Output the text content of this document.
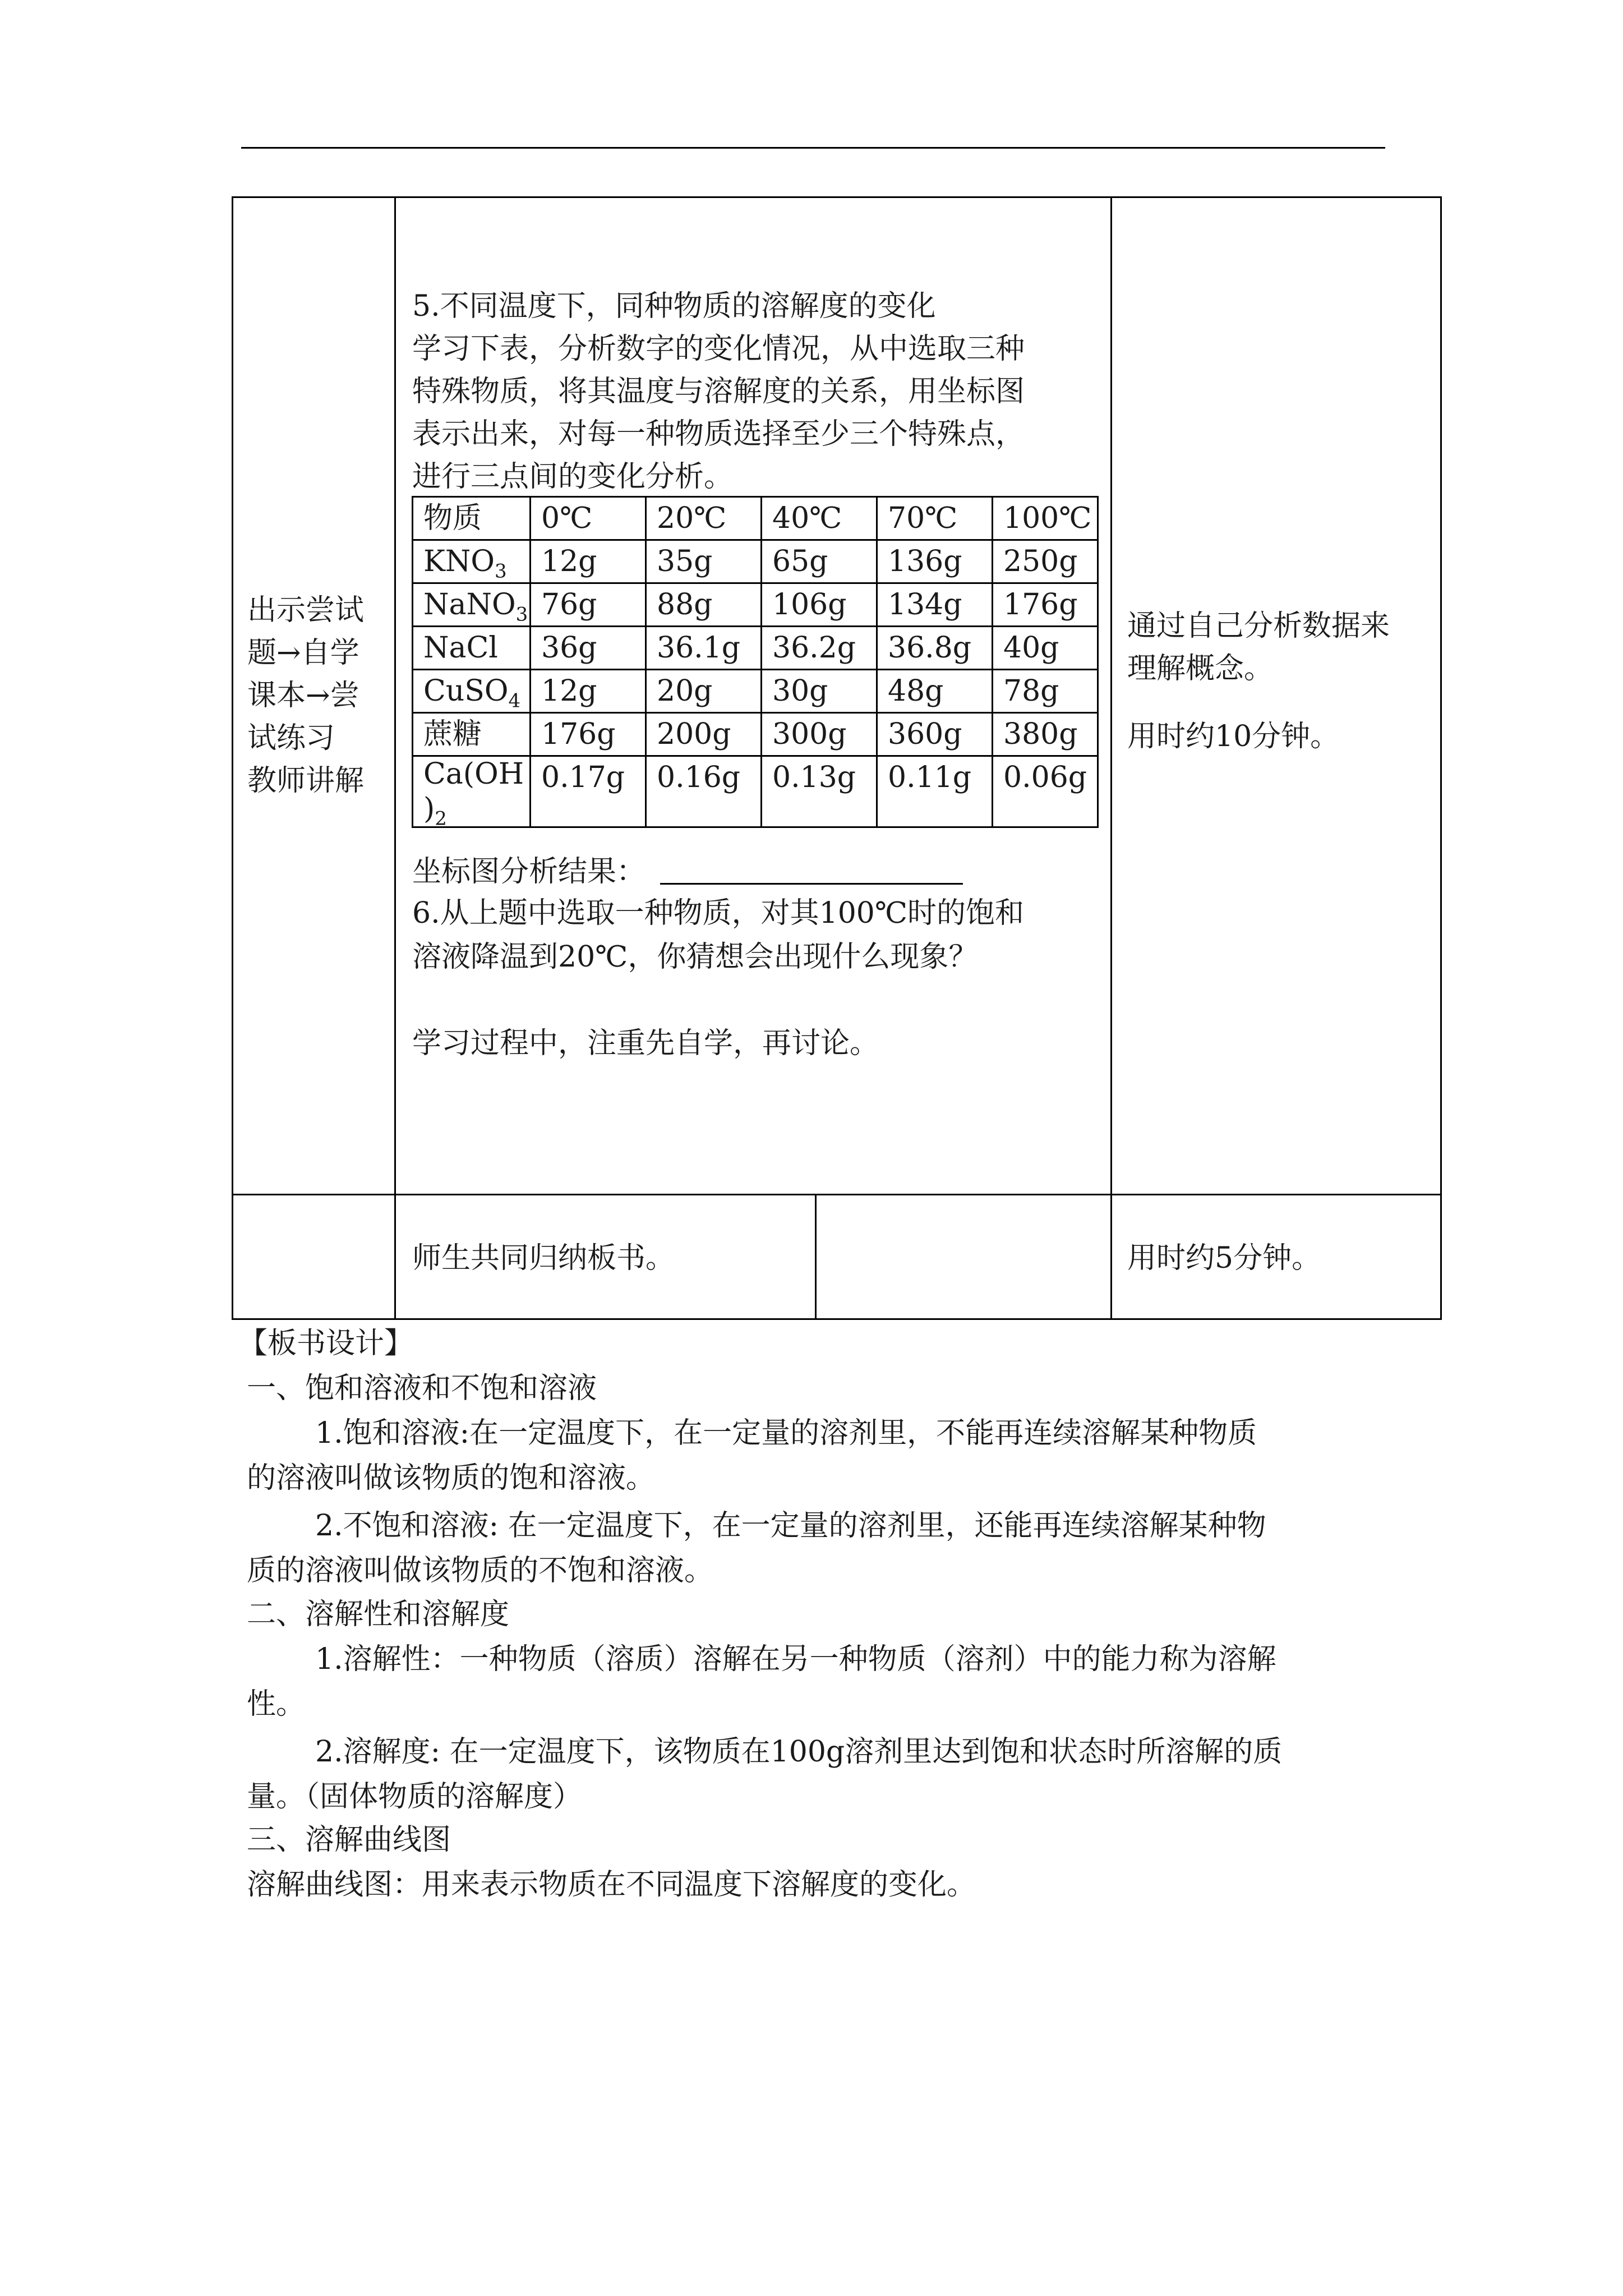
出示尝试
题→自学
课本→尝
试练习
教师讲解
通过自己分析数据来
理解概念。
用时约10分钟。
师生共同归纳板书。	用时约5分钟。
5.不同温度下，同种物质的溶解度的变化
学习下表，分析数字的变化情况，从中选取三种
特殊物质，将其温度与溶解度的关系，用坐标图
表示出来，对每一种物质选择至少三个特殊点，
进行三点间的变化分析。
物质	0℃	20℃	40℃	70℃	100℃
$KNO_3$	12g	35g	65g	136g	250g
NaNO$_3$	76g	88g	106g	134g	176g
NaCl	36g	36.1g	36.2g	36.8g	40g
CuSO$_4$	12g	20g	30g	48g	78g
蔗糖	176g	200g	300g	360g	380g
Ca(OH
)$_2$	0.17g	0.16g	0.13g	0.11g	0.06g
坐标图分析结果：
6.从上题中选取一种物质，对其100℃时的饱和
溶液降温到20℃，你猜想会出现什么现象？
学习过程中，注重先自学，再讨论。
【板书设计】
一、饱和溶液和不饱和溶液
1.饱和溶液:在一定温度下，在一定量的溶剂里，不能再连续溶解某种物质
的溶液叫做该物质的饱和溶液。
2.不饱和溶液: 在一定温度下，在一定量的溶剂里，还能再连续溶解某种物
质的溶液叫做该物质的不饱和溶液。
二、溶解性和溶解度
1.溶解性：一种物质（溶质）溶解在另一种物质（溶剂）中的能力称为溶解
性。
2.溶解度: 在一定温度下，该物质在100g溶剂里达到饱和状态时所溶解的质
量。（固体物质的溶解度）
三、溶解曲线图
溶解曲线图：用来表示物质在不同温度下溶解度的变化。
